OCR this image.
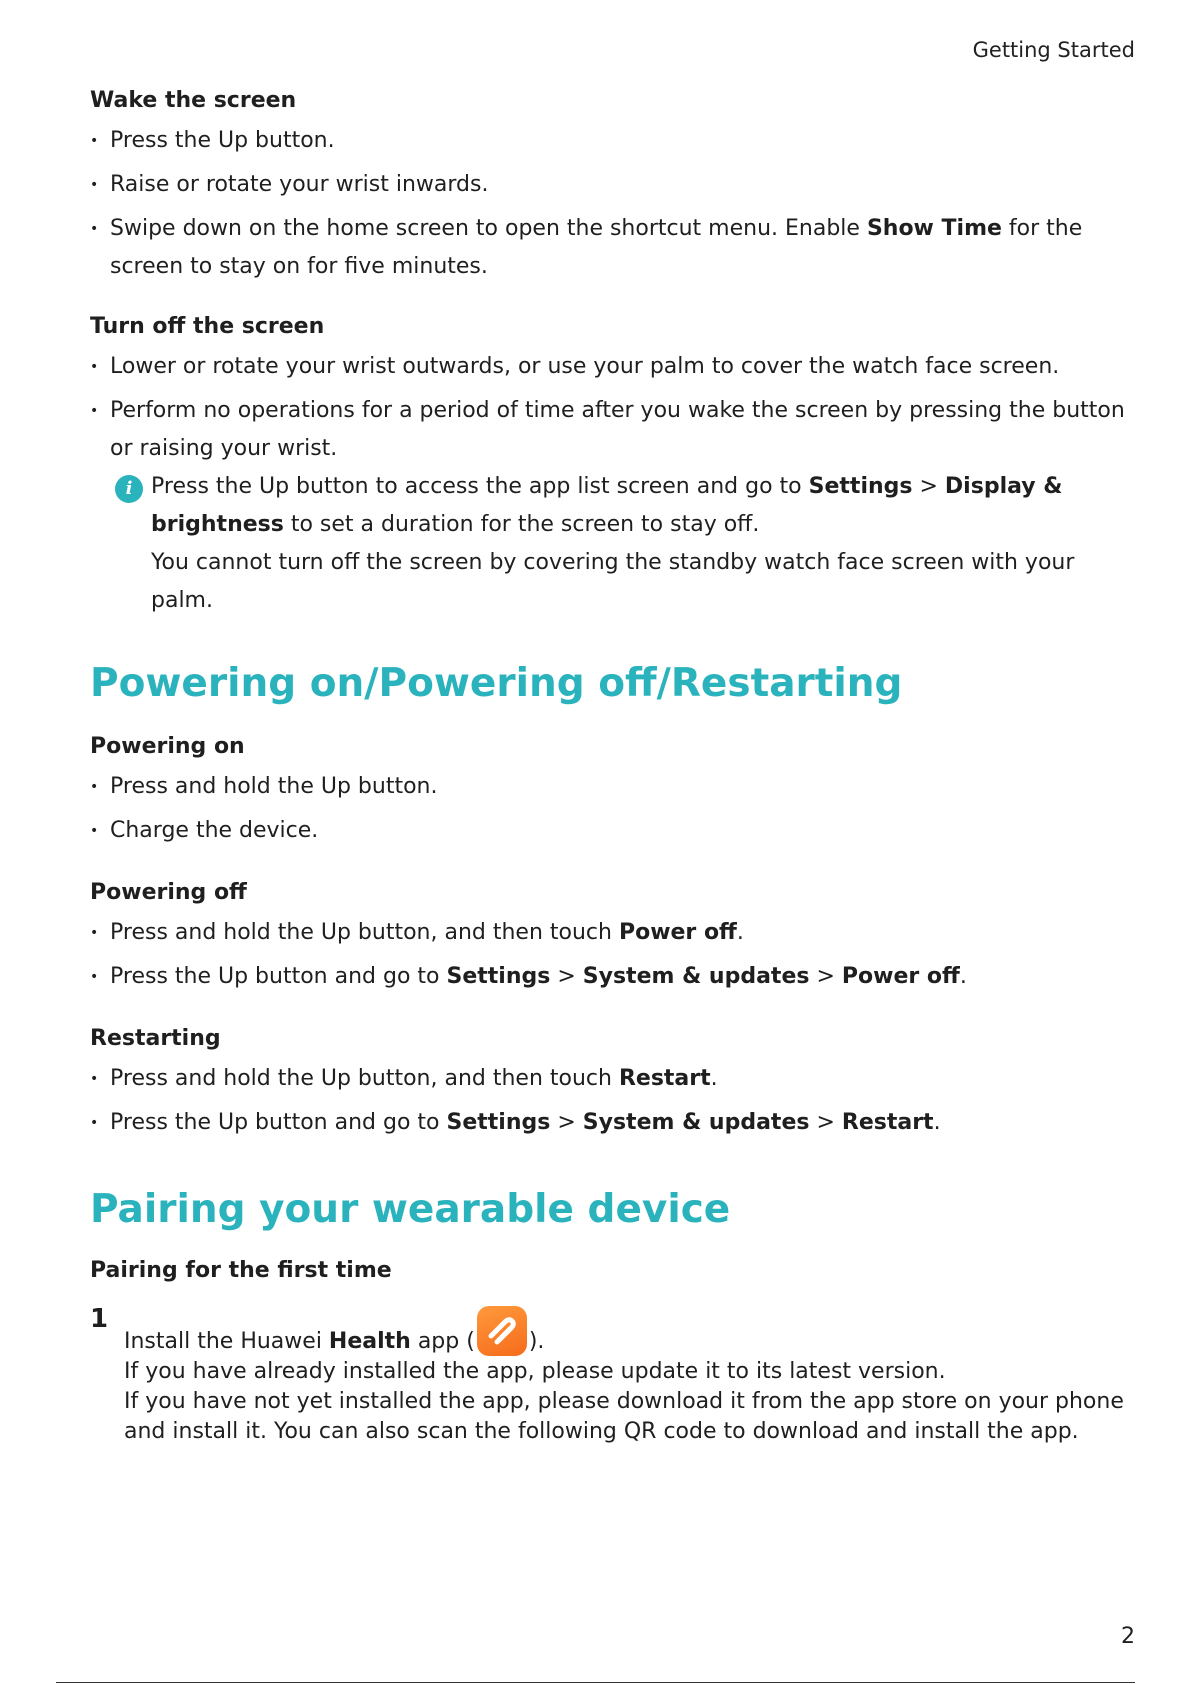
Getting Started

Wake the screen

• Press the Up button.
• Raise or rotate your wrist inwards.
• Swipe down on the home screen to open the shortcut menu. Enable Show Time for the screen to stay on for five minutes.

Turn off the screen

• Lower or rotate your wrist outwards, or use your palm to cover the watch face screen.
• Perform no operations for a period of time after you wake the screen by pressing the button or raising your wrist.
i Press the Up button to access the app list screen and go to Settings > Display & brightness to set a duration for the screen to stay off.
You cannot turn off the screen by covering the standby watch face screen with your palm.

Powering on/Powering off/Restarting

Powering on

• Press and hold the Up button.
• Charge the device.

Powering off

• Press and hold the Up button, and then touch Power off.
• Press the Up button and go to Settings > System & updates > Power off.

Restarting

• Press and hold the Up button, and then touch Restart.
• Press the Up button and go to Settings > System & updates > Restart.

Pairing your wearable device

Pairing for the first time

1
Install the Huawei Health app ( ).
If you have already installed the app, please update it to its latest version.
If you have not yet installed the app, please download it from the app store on your phone and install it. You can also scan the following QR code to download and install the app.
2
